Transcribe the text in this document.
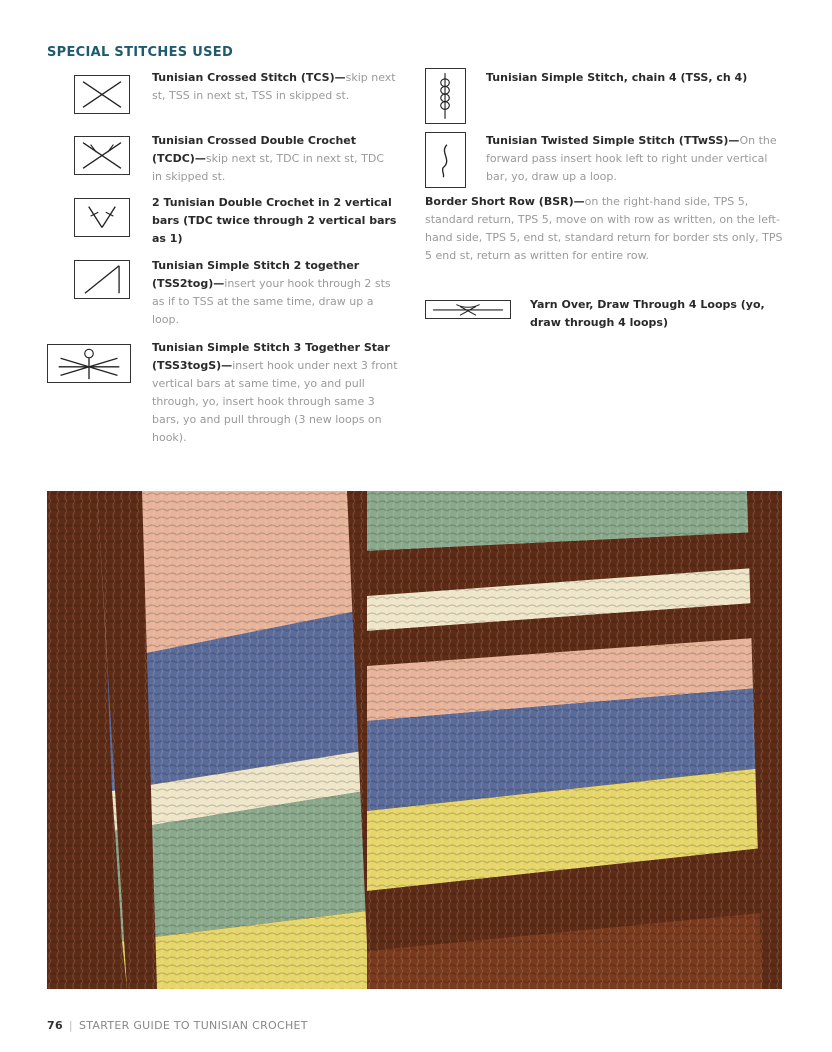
SPECIAL STITCHES USED
Tunisian Crossed Stitch (TCS)—skip next st, TSS in next st, TSS in skipped st.
Tunisian Crossed Double Crochet (TCDC)—skip next st, TDC in next st, TDC in skipped st.
2 Tunisian Double Crochet in 2 vertical bars (TDC twice through 2 vertical bars as 1)
Tunisian Simple Stitch 2 together (TSS2tog)—insert your hook through 2 sts as if to TSS at the same time, draw up a loop.
Tunisian Simple Stitch 3 Together Star (TSS3togS)—insert hook under next 3 front vertical bars at same time, yo and pull through, yo, insert hook through same 3 bars, yo and pull through (3 new loops on hook).
Tunisian Simple Stitch, chain 4 (TSS, ch 4)
Tunisian Twisted Simple Stitch (TTwSS)—On the forward pass insert hook left to right under vertical bar, yo, draw up a loop.
Border Short Row (BSR)—on the right-hand side, TPS 5, standard return, TPS 5, move on with row as written, on the left-hand side, TPS 5, end st, standard return for border sts only, TPS 5 end st, return as written for entire row.
Yarn Over, Draw Through 4 Loops (yo, draw through 4 loops)
76 | STARTER GUIDE TO TUNISIAN CROCHET
